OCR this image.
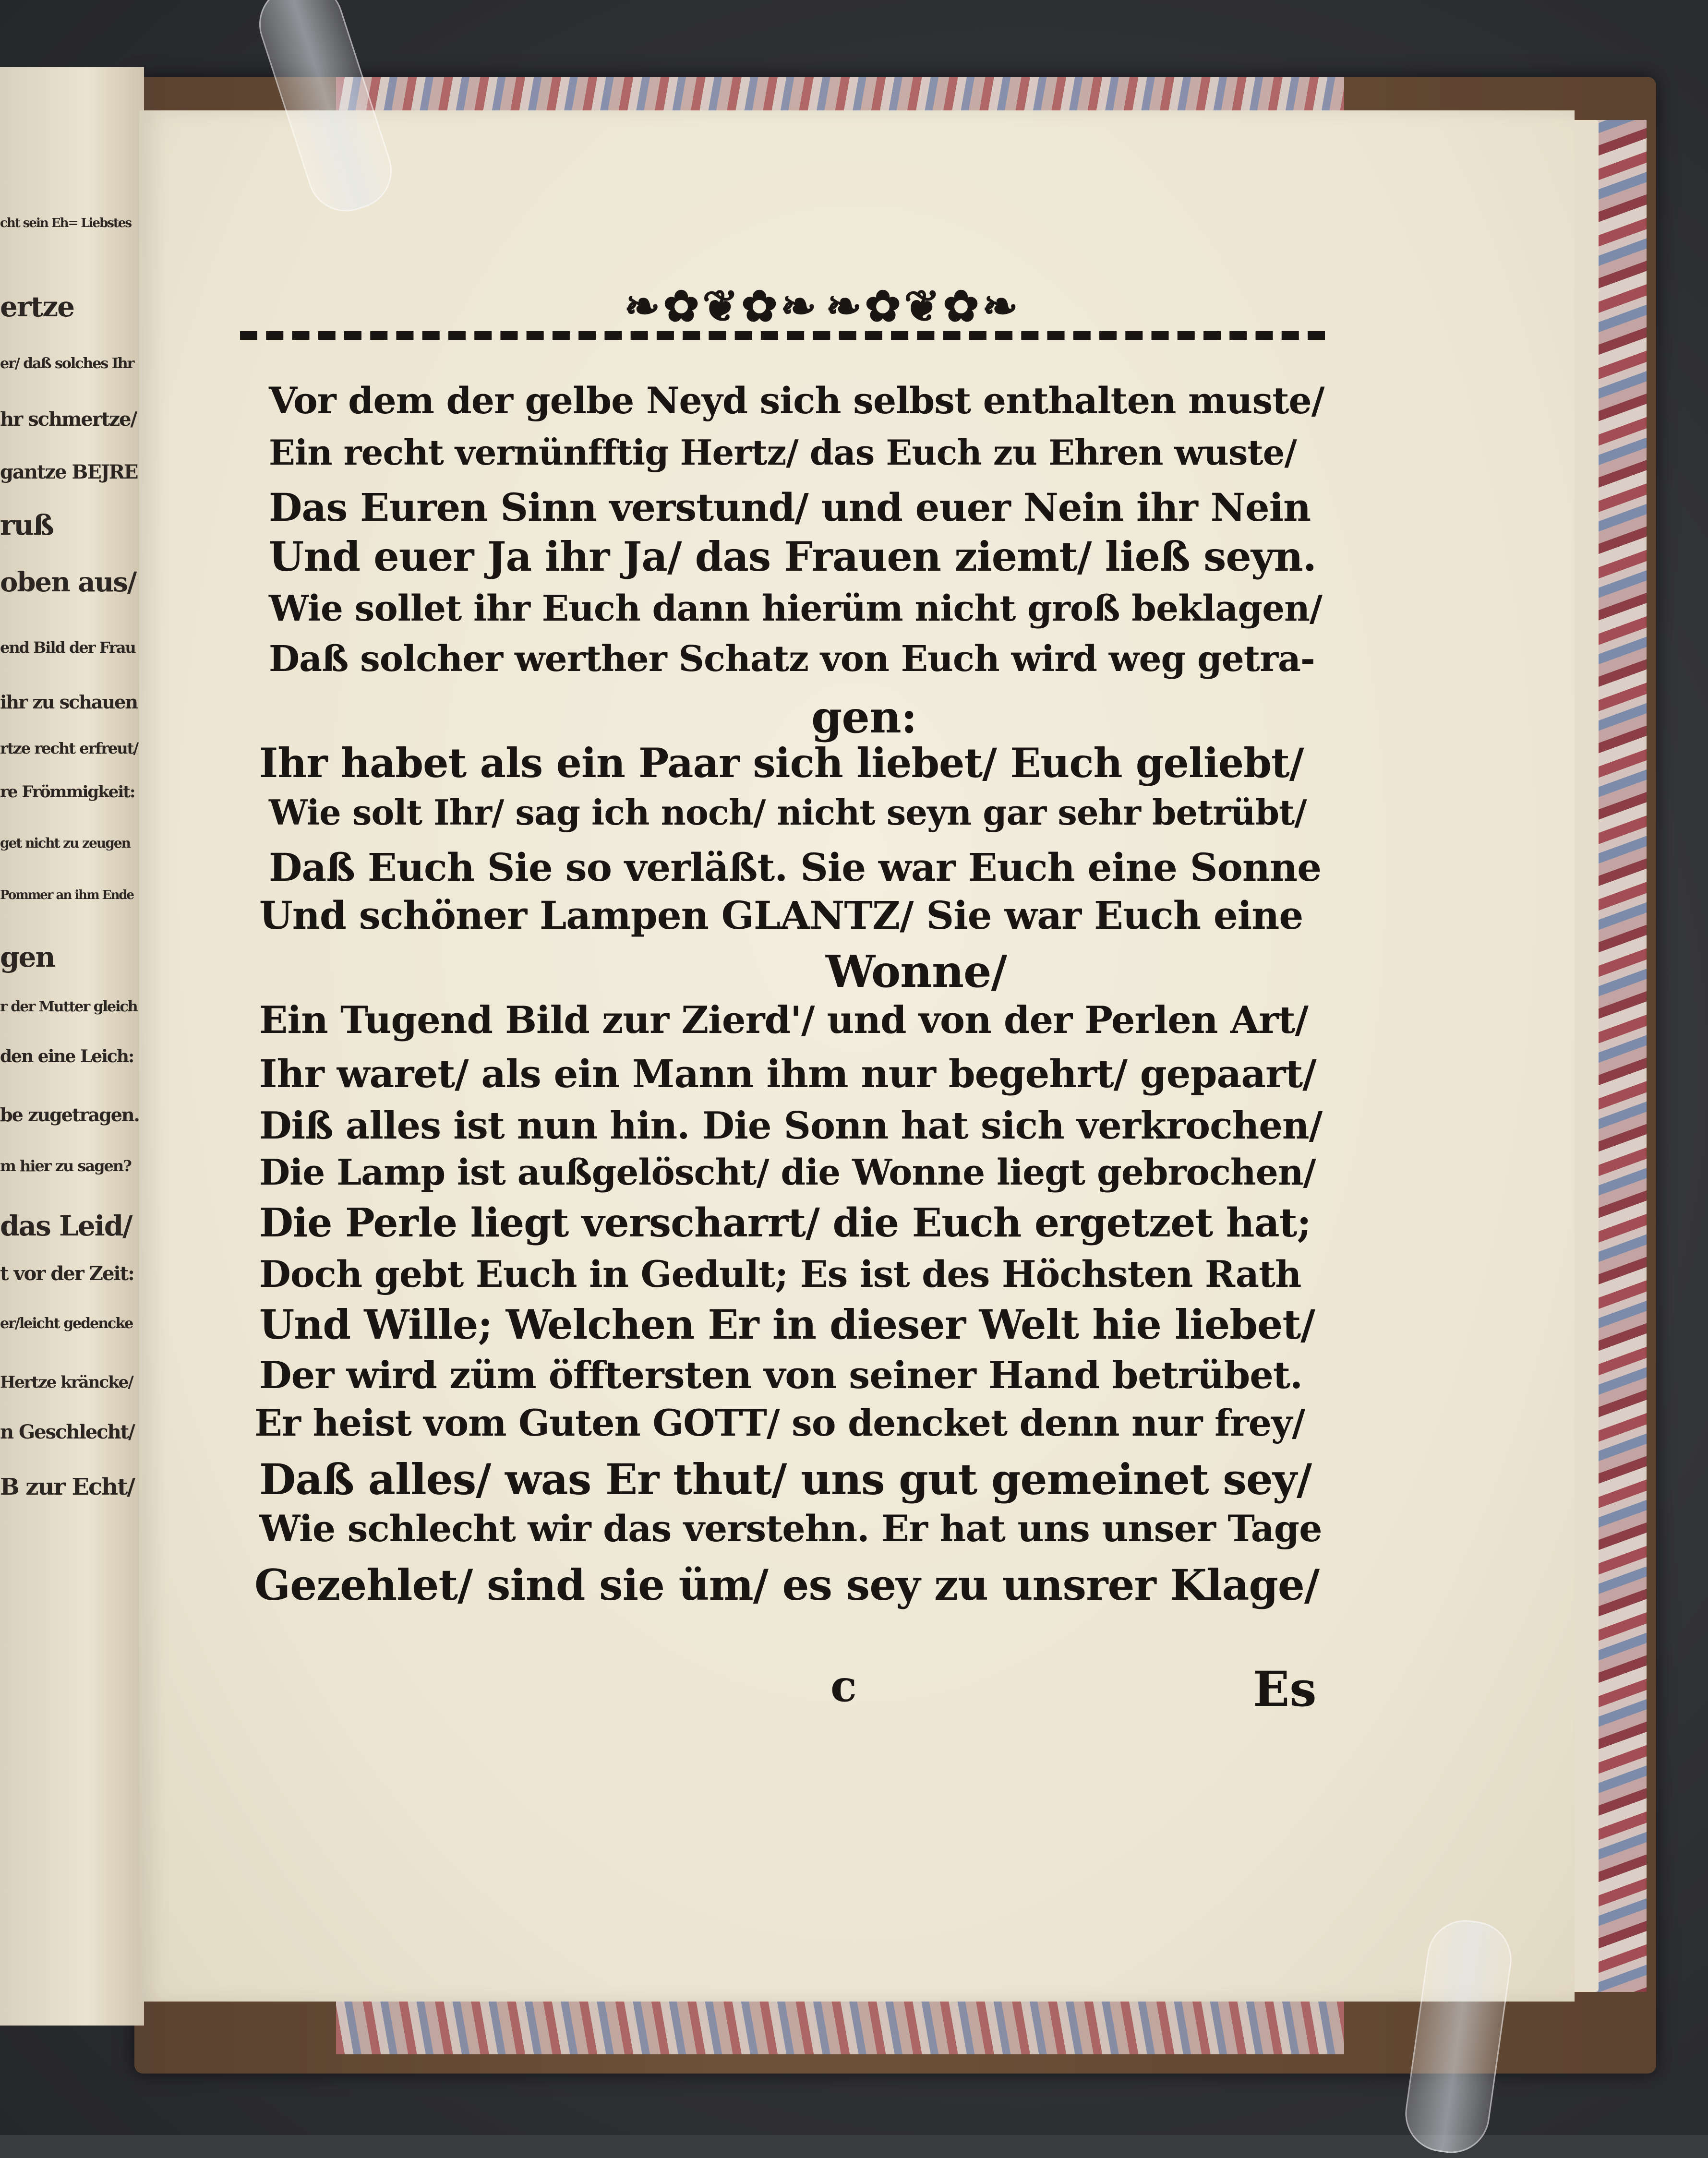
cht sein Eh= Liebstes
ertze
er/ daß solches Ihr
hr schmertze/
gantze BEJRE
ruß
oben aus/
end Bild der Frau
ihr zu schauen
rtze recht erfreut/
re Frömmigkeit:
get nicht zu zeugen
Pommer an ihm Ende
gen
r der Mutter gleich
den eine Leich:
be zugetragen.
m hier zu sagen?
das Leid/
t vor der Zeit:
er/leicht gedencke
Hertze kräncke/
n Geschlecht/
B zur Echt/
❧✿❦✿❧ ❧✿❦✿❧
Vor dem der gelbe Neyd sich selbst enthalten muste/
Ein recht vernünfftig Hertz/ das Euch zu Ehren wuste/
Das Euren Sinn verstund/ und euer Nein ihr Nein
Und euer Ja ihr Ja/ das Frauen ziemt/ ließ seyn.
Wie sollet ihr Euch dann hierüm nicht groß beklagen/
Daß solcher werther Schatz von Euch wird weg getra-
gen:
Ihr habet als ein Paar sich liebet/ Euch geliebt/
Wie solt Ihr/ sag ich noch/ nicht seyn gar sehr betrübt/
Daß Euch Sie so verläßt. Sie war Euch eine Sonne
Und schöner Lampen GLANTZ/ Sie war Euch eine
Wonne/
Ein Tugend Bild zur Zierd'/ und von der Perlen Art/
Ihr waret/ als ein Mann ihm nur begehrt/ gepaart/
Diß alles ist nun hin. Die Sonn hat sich verkrochen/
Die Lamp ist außgelöscht/ die Wonne liegt gebrochen/
Die Perle liegt verscharrt/ die Euch ergetzet hat;
Doch gebt Euch in Gedult; Es ist des Höchsten Rath
Und Wille; Welchen Er in dieser Welt hie liebet/
Der wird züm öfftersten von seiner Hand betrübet.
Er heist vom Guten GOTT/ so dencket denn nur frey/
Daß alles/ was Er thut/ uns gut gemeinet sey/
Wie schlecht wir das verstehn. Er hat uns unser Tage
Gezehlet/ sind sie üm/ es sey zu unsrer Klage/
c	Es
